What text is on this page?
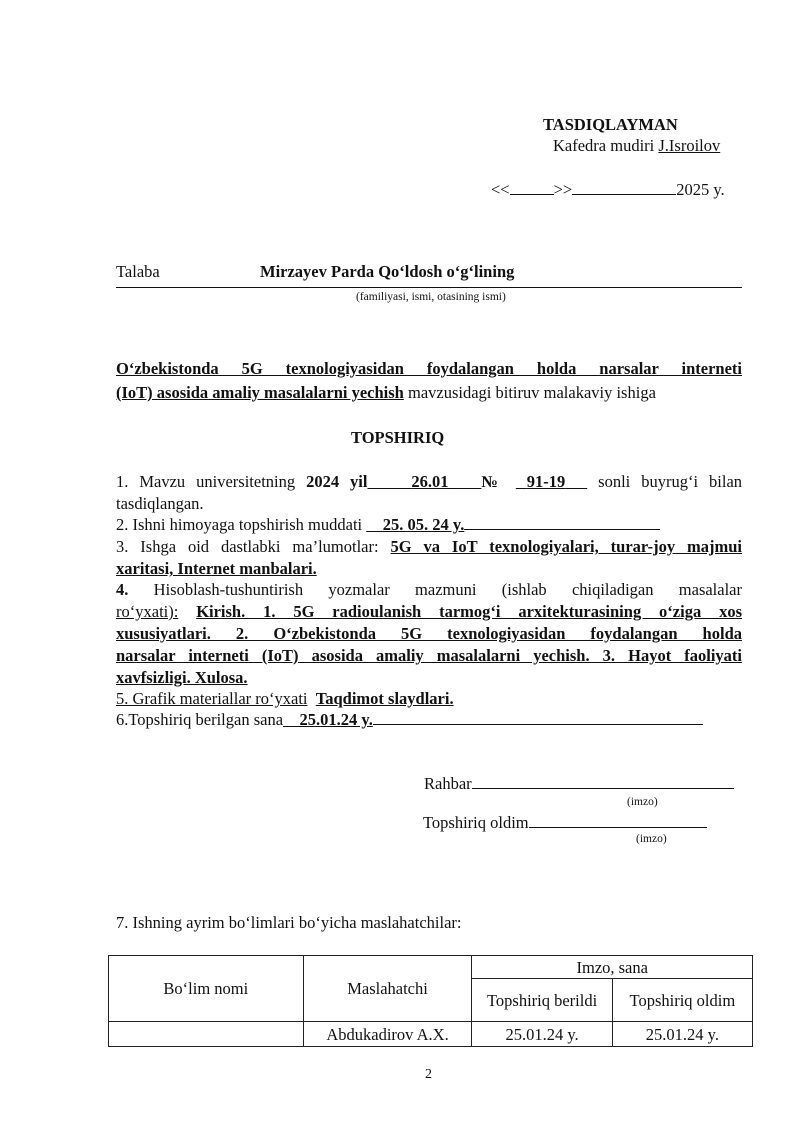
TASDIQLAYMAN
Kafedra mudiri J.Isroilov
<<	>>	2025 y.
Talaba	Mirzayev Parda Qo‘ldosh o‘g‘lining
(familiyasi, ismi, otasining ismi)
O‘zbekistonda 5G texnologiyasidan foydalangan holda narsalar interneti
(IoT) asosida amaliy masalalarni yechish mavzusidagi bitiruv malakaviy ishiga
TOPSHIRIQ
1. Mavzu universitetning 2024 yil	26.01 № 91-19 sonli buyrug‘i bilan
tasdiqlangan.
2. Ishni himoyaga topshirish muddati 25. 05. 24 y.
3. Ishga oid dastlabki ma’lumotlar: 5G va IoT texnologiyalari, turar-joy majmui
xaritasi, Internet manbalari.
4. Hisoblash-tushuntirish yozmalar mazmuni (ishlab chiqiladigan masalalar
ro‘yxati): Kirish. 1. 5G radioulanish tarmog‘i arxitekturasining o‘ziga xos
xususiyatlari. 2. O‘zbekistonda 5G texnologiyasidan foydalangan holda
narsalar interneti (IoT) asosida amaliy masalalarni yechish. 3. Hayot faoliyati
xavfsizligi. Xulosa.
5. Grafik materiallar ro‘yxati Taqdimot slaydlari.
6.Topshiriq berilgan sana 25.01.24 y.
Rahbar
(imzo)
Topshiriq oldim
(imzo)
7. Ishning ayrim bo‘limlari bo‘yicha maslahatchilar:
Bo‘lim nomi	Maslahatchi	Imzo, sana	
		Topshiriq berildi	Topshiriq oldim
	Abdukadirov A.X.	25.01.24 y.	25.01.24 y.
2
